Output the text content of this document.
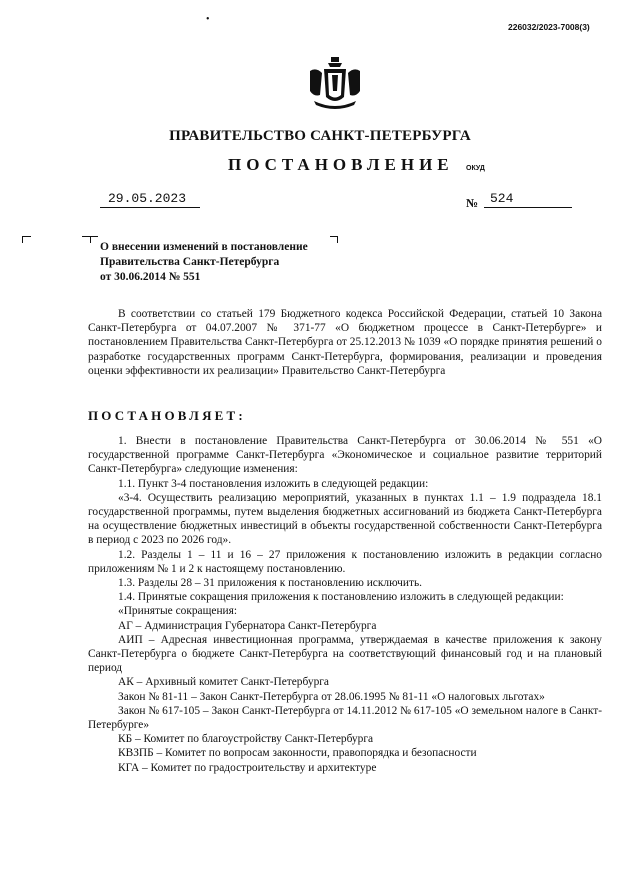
•
226032/2023-7008(3)
ПРАВИТЕЛЬСТВО САНКТ-ПЕТЕРБУРГА
ПОСТАНОВЛЕНИЕ ОКУД
29.05.2023	№ 524
О внесении изменений в постановление
Правительства Санкт-Петербурга
от 30.06.2014 № 551

В соответствии со статьей 179 Бюджетного кодекса Российской Федерации, статьей 10 Закона Санкт-Петербурга от 04.07.2007 № 371-77 «О бюджетном процессе в Санкт-Петербурге» и постановлением Правительства Санкт-Петербурга от 25.12.2013 № 1039 «О порядке принятия решений о разработке государственных программ Санкт-Петербурга, формирования, реализации и проведения оценки эффективности их реализации» Правительство Санкт-Петербурга

ПОСТАНОВЛЯЕТ:

1. Внести в постановление Правительства Санкт-Петербурга от 30.06.2014 № 551 «О государственной программе Санкт-Петербурга «Экономическое и социальное развитие территорий Санкт-Петербурга» следующие изменения:

1.1. Пункт 3-4 постановления изложить в следующей редакции:

«3-4. Осуществить реализацию мероприятий, указанных в пунктах 1.1 – 1.9 подраздела 18.1 государственной программы, путем выделения бюджетных ассигнований из бюджета Санкт-Петербурга на осуществление бюджетных инвестиций в объекты государственной собственности Санкт-Петербурга в период с 2023 по 2026 год».

1.2. Разделы 1 – 11 и 16 – 27 приложения к постановлению изложить в редакции согласно приложениям № 1 и 2 к настоящему постановлению.

1.3. Разделы 28 – 31 приложения к постановлению исключить.

1.4. Принятые сокращения приложения к постановлению изложить в следующей редакции:

«Принятые сокращения:

АГ – Администрация Губернатора Санкт-Петербурга

АИП – Адресная инвестиционная программа, утверждаемая в качестве приложения к закону Санкт-Петербурга о бюджете Санкт-Петербурга на соответствующий финансовый год и на плановый период

АК – Архивный комитет Санкт-Петербурга

Закон № 81-11 – Закон Санкт-Петербурга от 28.06.1995 № 81-11 «О налоговых льготах»

Закон № 617-105 – Закон Санкт-Петербурга от 14.11.2012 № 617-105 «О земельном налоге в Санкт-Петербурге»

КБ – Комитет по благоустройству Санкт-Петербурга

КВЗПБ – Комитет по вопросам законности, правопорядка и безопасности

КГА – Комитет по градостроительству и архитектуре
